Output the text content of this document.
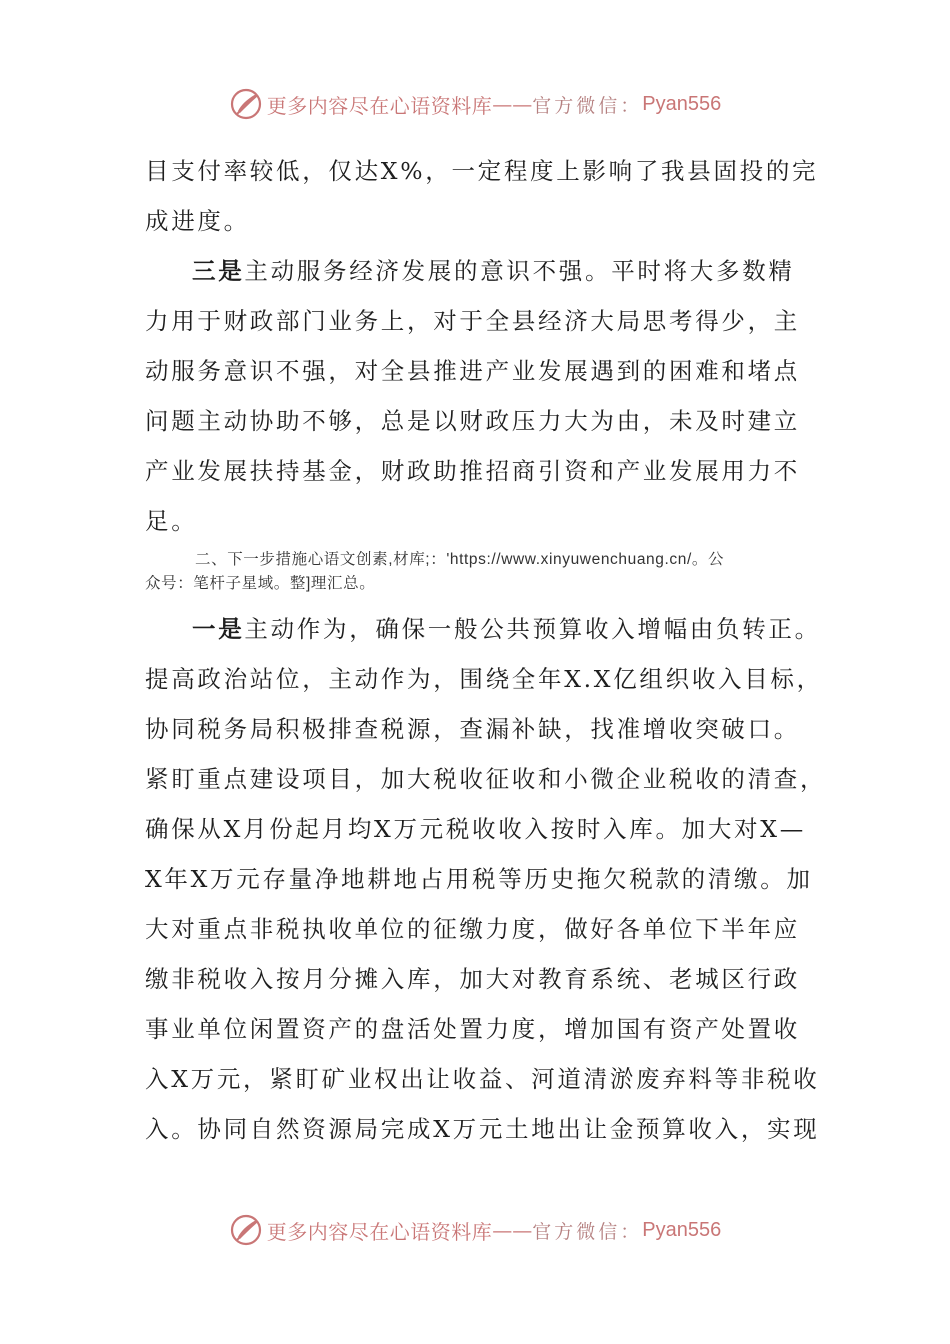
更多内容尽在心语资料库 —— 官方微信： Pyan556
目支付率较低，仅达X%，一定程度上影响了我县固投的完
成进度。
三是主动服务经济发展的意识不强。平时将大多数精
力用于财政部门业务上，对于全县经济大局思考得少，主
动服务意识不强，对全县推进产业发展遇到的困难和堵点
问题主动协助不够，总是以财政压力大为由，未及时建立
产业发展扶持基金，财政助推招商引资和产业发展用力不
足。
二、下一步措施心语文创素,材库;：'https://www.xinyuwenchuang.cn/。公
众号：笔杆子星域。整]理汇总。
一是主动作为，确保一般公共预算收入增幅由负转正。
提高政治站位，主动作为，围绕全年X.X亿组织收入目标，
协同税务局积极排查税源，查漏补缺，找准增收突破口。
紧盯重点建设项目，加大税收征收和小微企业税收的清查，
确保从X月份起月均X万元税收收入按时入库。加大对X—
X年X万元存量净地耕地占用税等历史拖欠税款的清缴。加
大对重点非税执收单位的征缴力度，做好各单位下半年应
缴非税收入按月分摊入库，加大对教育系统、老城区行政
事业单位闲置资产的盘活处置力度，增加国有资产处置收
入X万元，紧盯矿业权出让收益、河道清淤废弃料等非税收
入。协同自然资源局完成X万元土地出让金预算收入，实现
更多内容尽在心语资料库 —— 官方微信： Pyan556
